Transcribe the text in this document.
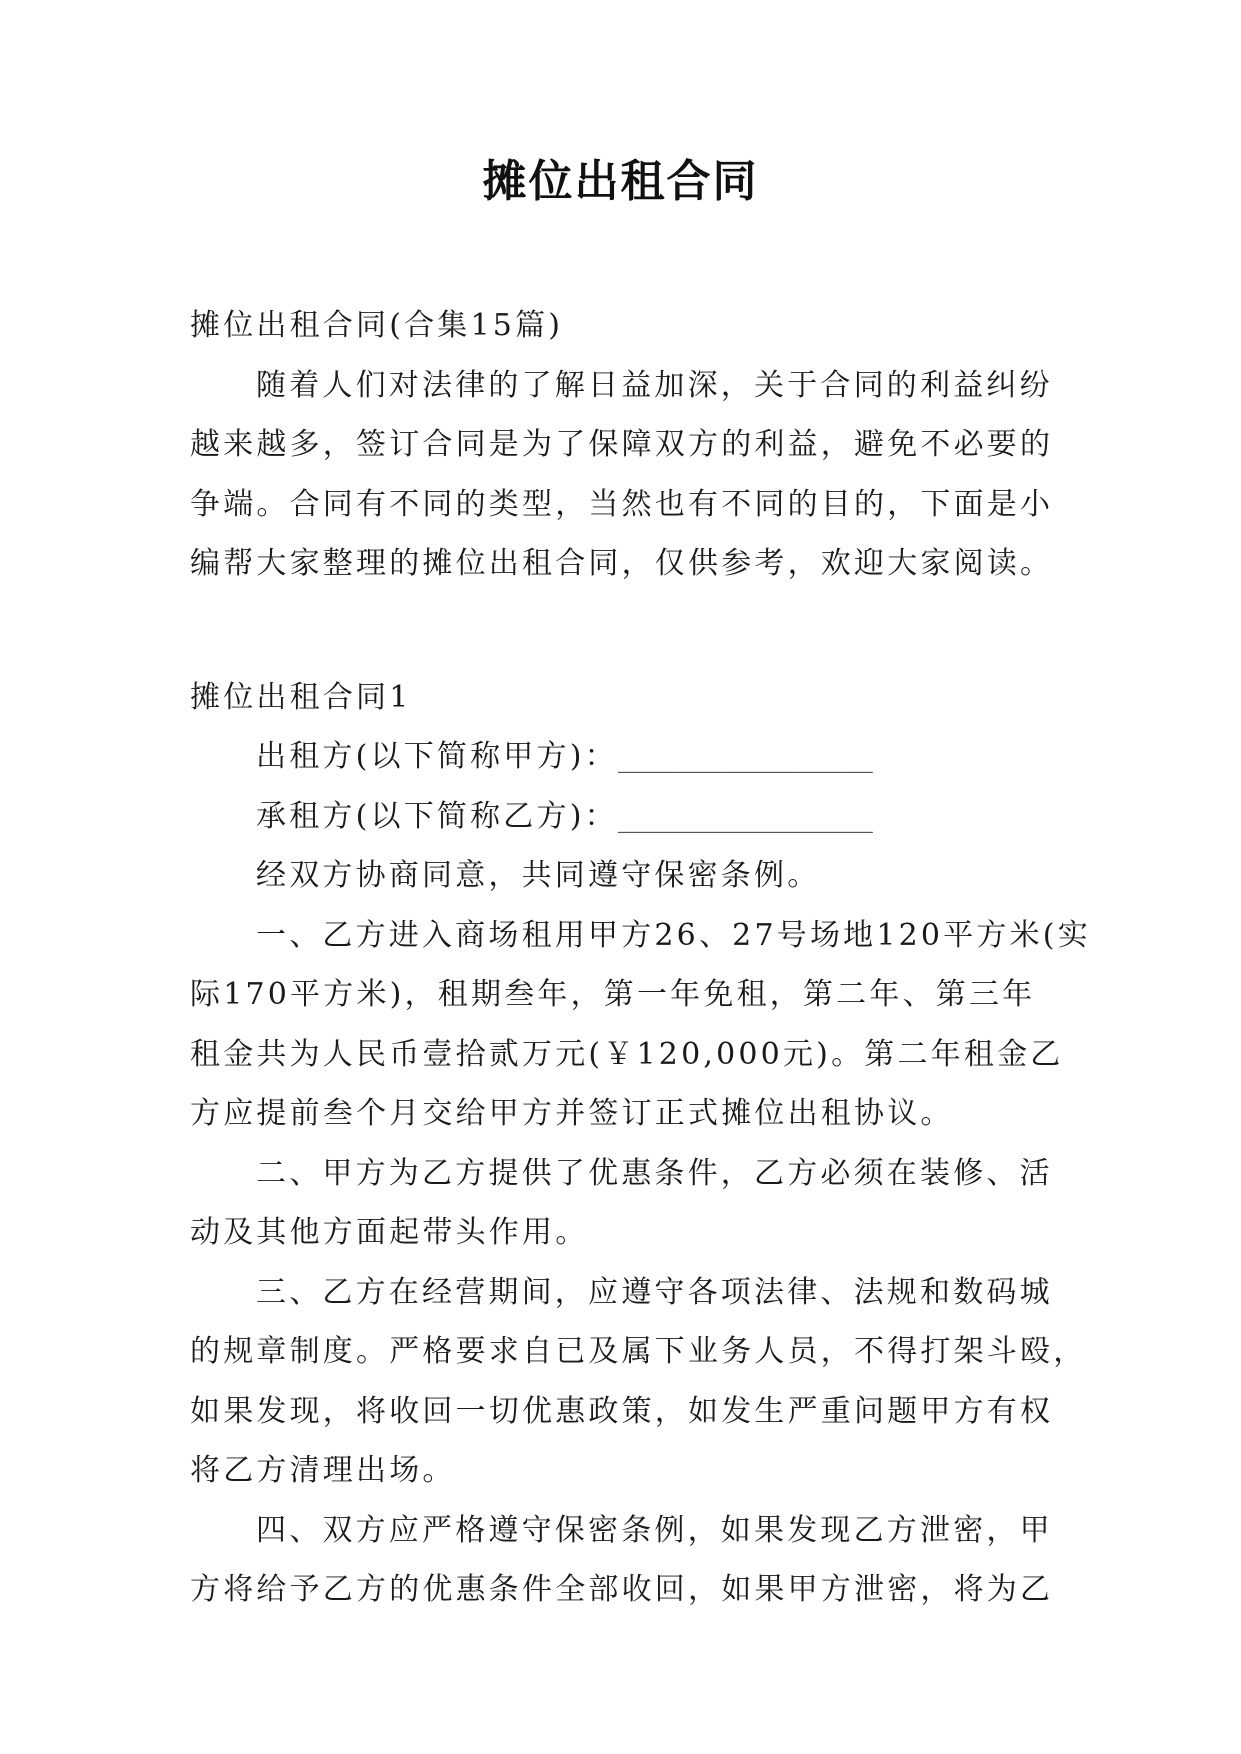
摊位出租合同
摊位出租合同(合集15篇)
随着人们对法律的了解日益加深，关于合同的利益纠纷
越来越多，签订合同是为了保障双方的利益，避免不必要的
争端。合同有不同的类型，当然也有不同的目的，下面是小
编帮大家整理的摊位出租合同，仅供参考，欢迎大家阅读。
摊位出租合同1
出租方(以下简称甲方)：_________________
承租方(以下简称乙方)：_________________
经双方协商同意，共同遵守保密条例。
一、乙方进入商场租用甲方26、27号场地120平方米(实
际170平方米)，租期叁年，第一年免租，第二年、第三年
租金共为人民币壹拾贰万元(￥120,000元)。第二年租金乙
方应提前叁个月交给甲方并签订正式摊位出租协议。
二、甲方为乙方提供了优惠条件，乙方必须在装修、活
动及其他方面起带头作用。
三、乙方在经营期间，应遵守各项法律、法规和数码城
的规章制度。严格要求自已及属下业务人员，不得打架斗殴，
如果发现，将收回一切优惠政策，如发生严重问题甲方有权
将乙方清理出场。
四、双方应严格遵守保密条例，如果发现乙方泄密，甲
方将给予乙方的优惠条件全部收回，如果甲方泄密，将为乙
